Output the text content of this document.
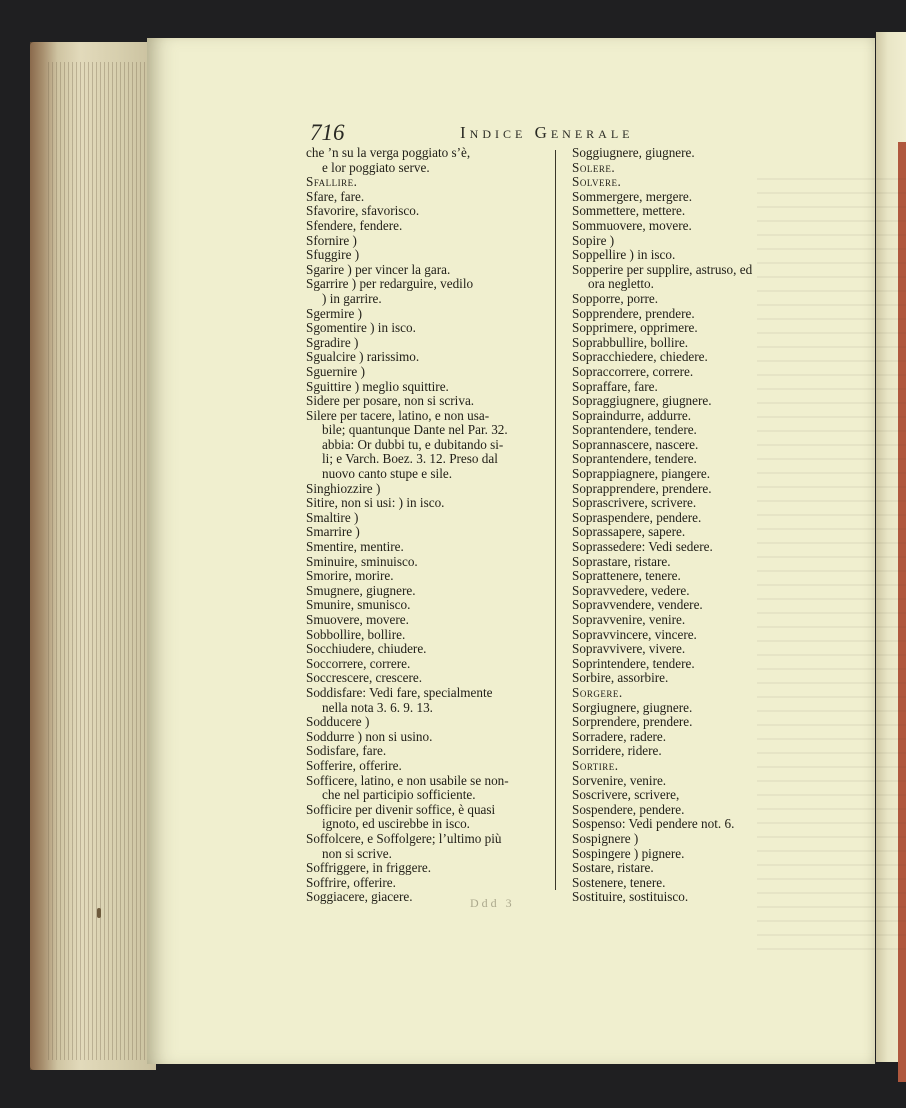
716	Indice Generale
che ’n su la verga poggiato s’è,
e lor poggiato serve.
Sfallire.
Sfare, fare.
Sfavorire, sfavorisco.
Sfendere, fendere.
Sfornire )
Sfuggire )
Sgarire ) per vincer la gara.
Sgarrire ) per redarguire, vedilo
) in garrire.
Sgermire )
Sgomentire ) in isco.
Sgradire )
Sgualcire ) rarissimo.
Sguernire )
Sguittire ) meglio squittire.
Sidere per posare, non si scriva.
Silere per tacere, latino, e non usa-
bile; quantunque Dante nel Par. 32.
abbia: Or dubbi tu, e dubitando si-
li; e Varch. Boez. 3. 12. Preso dal
nuovo canto stupe e sile.
Singhiozzire )
Sitire, non si usi: ) in isco.
Smaltire )
Smarrire )
Smentire, mentire.
Sminuire, sminuisco.
Smorire, morire.
Smugnere, giugnere.
Smunire, smunisco.
Smuovere, movere.
Sobbollire, bollire.
Socchiudere, chiudere.
Soccorrere, correre.
Soccrescere, crescere.
Soddisfare: Vedi fare, specialmente
nella nota 3. 6. 9. 13.
Sodducere )
Soddurre ) non si usino.
Sodisfare, fare.
Sofferire, offerire.
Sofficere, latino, e non usabile se non-
che nel participio sofficiente.
Sofficire per divenir soffice, è quasi
ignoto, ed uscirebbe in isco.
Soffolcere, e Soffolgere; l’ultimo più
non si scrive.
Soffriggere, in friggere.
Soffrire, offerire.
Soggiacere, giacere.
Soggiugnere, giugnere.
Solere.
Solvere.
Sommergere, mergere.
Sommettere, mettere.
Sommuovere, movere.
Sopire )
Soppellire ) in isco.
Sopperire per supplire, astruso, ed
ora negletto.
Sopporre, porre.
Sopprendere, prendere.
Sopprimere, opprimere.
Soprabbullire, bollire.
Sopracchiedere, chiedere.
Sopraccorrere, correre.
Sopraffare, fare.
Sopraggiugnere, giugnere.
Sopraindurre, addurre.
Soprantendere, tendere.
Soprannascere, nascere.
Soprantendere, tendere.
Soprappiagnere, piangere.
Soprapprendere, prendere.
Soprascrivere, scrivere.
Sopraspendere, pendere.
Soprassapere, sapere.
Soprassedere: Vedi sedere.
Soprastare, ristare.
Soprattenere, tenere.
Sopravvedere, vedere.
Sopravvendere, vendere.
Sopravvenire, venire.
Sopravvincere, vincere.
Sopravvivere, vivere.
Soprintendere, tendere.
Sorbire, assorbire.
Sorgere.
Sorgiugnere, giugnere.
Sorprendere, prendere.
Sorradere, radere.
Sorridere, ridere.
Sortire.
Sorvenire, venire.
Soscrivere, scrivere,
Sospendere, pendere.
Sospenso: Vedi pendere not. 6.
Sospignere )
Sospingere ) pignere.
Sostare, ristare.
Sostenere, tenere.
Sostituire, sostituisco.
Ddd 3
